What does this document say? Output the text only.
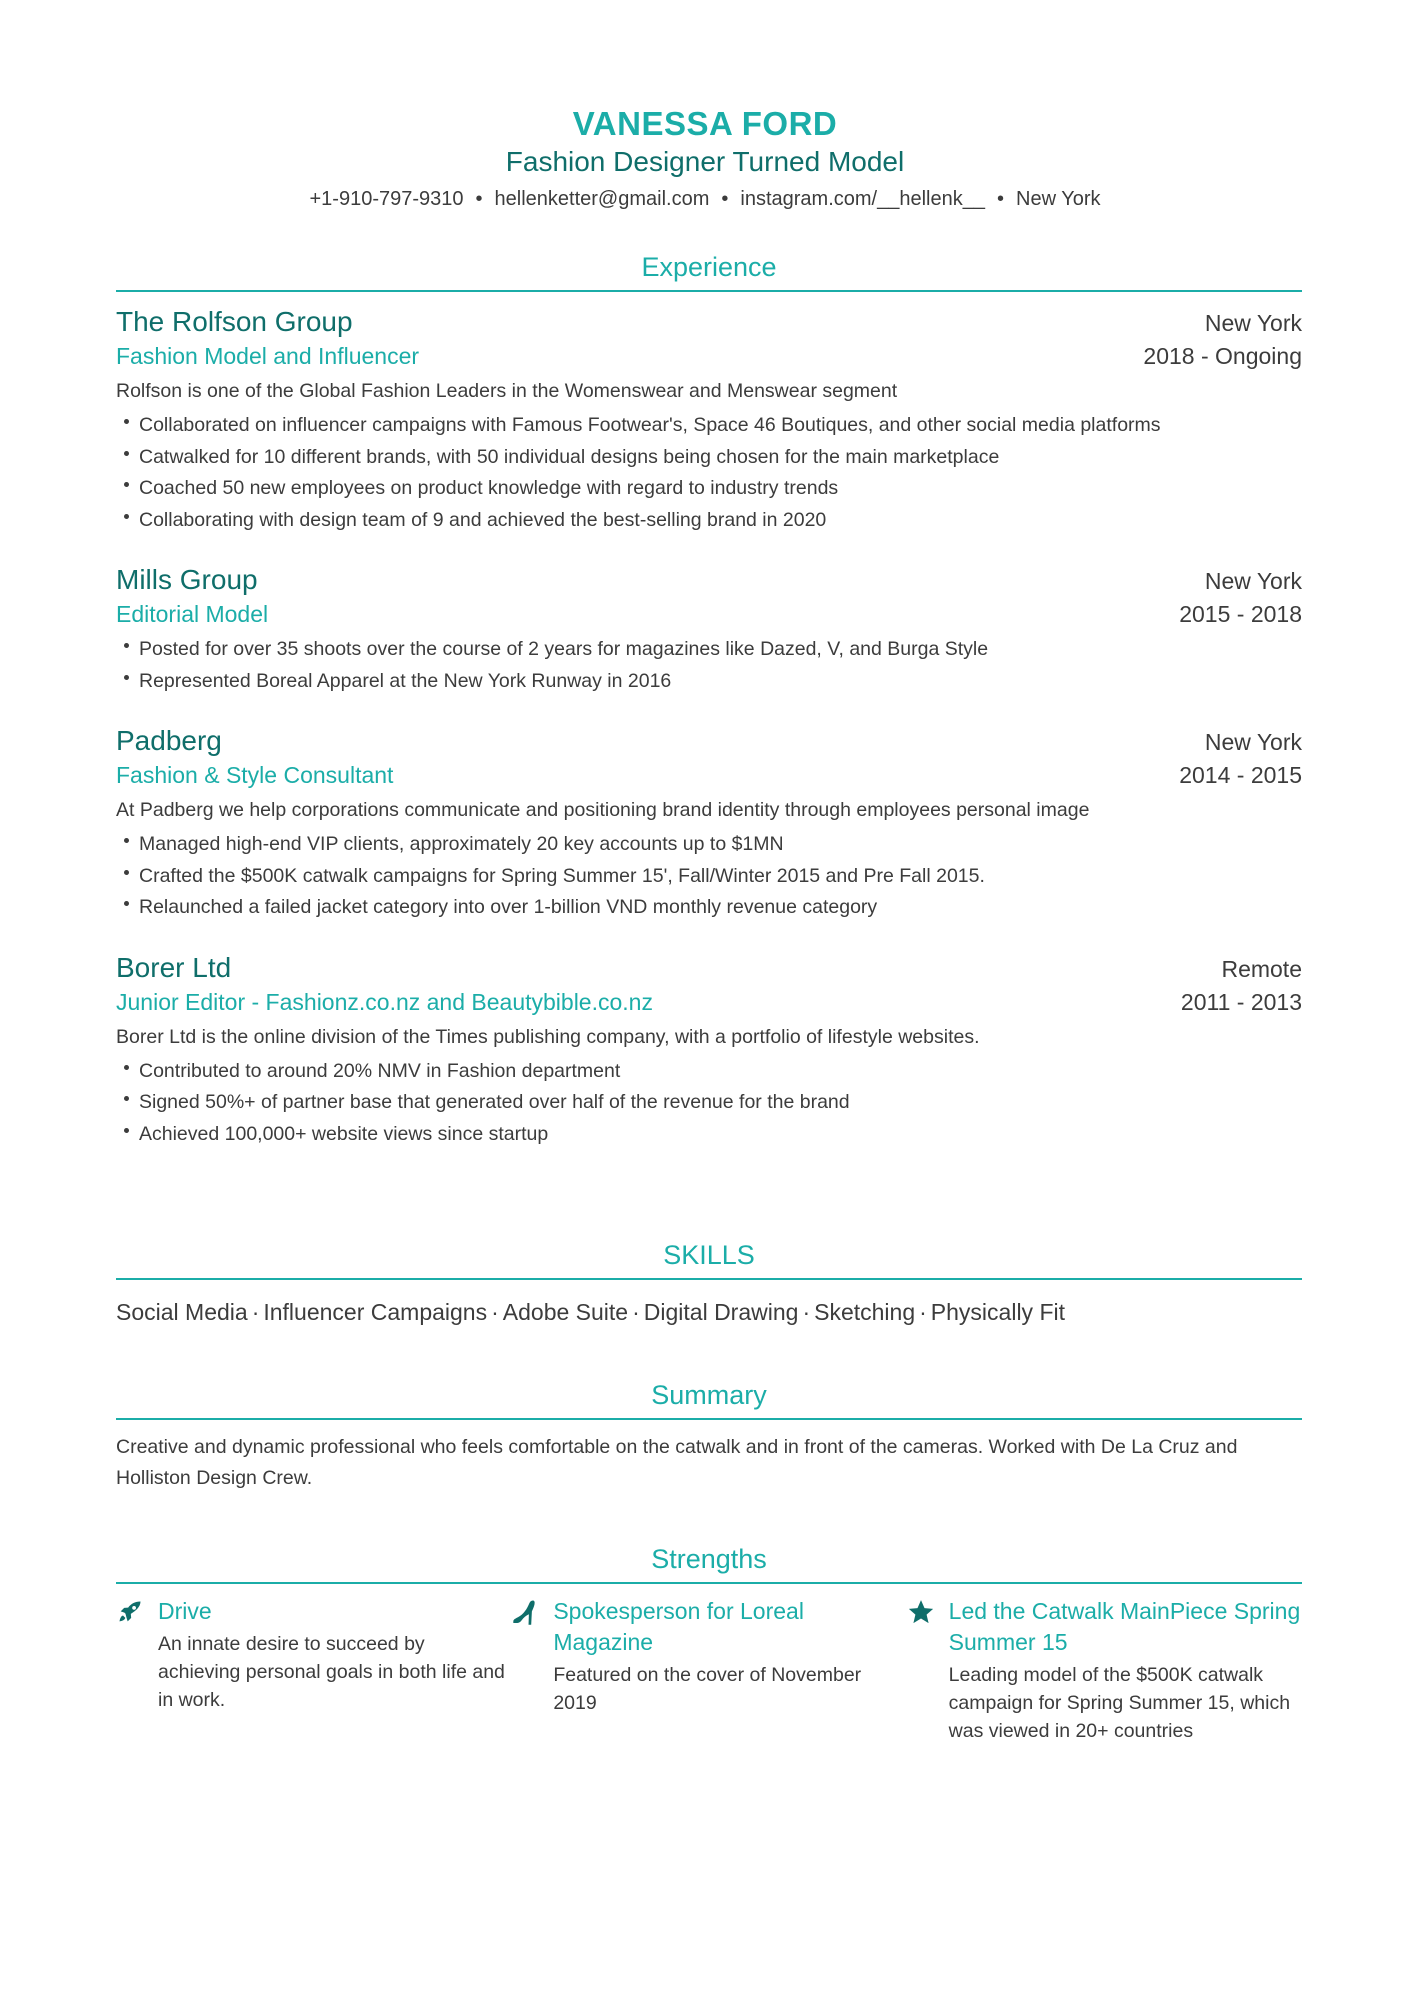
VANESSA FORD
Fashion Designer Turned Model
+1-910-797-9310 • hellenketter@gmail.com • instagram.com/__hellenk__ • New York
Experience
The Rolfson Group	New York
Fashion Model and Influencer	2018 - Ongoing
Rolfson is one of the Global Fashion Leaders in the Womenswear and Menswear segment
Collaborated on influencer campaigns with Famous Footwear's, Space 46 Boutiques, and other social media platforms
Catwalked for 10 different brands, with 50 individual designs being chosen for the main marketplace
Coached 50 new employees on product knowledge with regard to industry trends
Collaborating with design team of 9 and achieved the best-selling brand in 2020
Mills Group	New York
Editorial Model	2015 - 2018
Posted for over 35 shoots over the course of 2 years for magazines like Dazed, V, and Burga Style
Represented Boreal Apparel at the New York Runway in 2016
Padberg	New York
Fashion & Style Consultant	2014 - 2015
At Padberg we help corporations communicate and positioning brand identity through employees personal image
Managed high-end VIP clients, approximately 20 key accounts up to $1MN
Crafted the $500K catwalk campaigns for Spring Summer 15', Fall/Winter 2015 and Pre Fall 2015.
Relaunched a failed jacket category into over 1-billion VND monthly revenue category
Borer Ltd	Remote
Junior Editor - Fashionz.co.nz and Beautybible.co.nz	2011 - 2013
Borer Ltd is the online division of the Times publishing company, with a portfolio of lifestyle websites.
Contributed to around 20% NMV in Fashion department
Signed 50%+ of partner base that generated over half of the revenue for the brand
Achieved 100,000+ website views since startup
SKILLS
Social Media · Influencer Campaigns · Adobe Suite · Digital Drawing · Sketching · Physically Fit
Summary
Creative and dynamic professional who feels comfortable on the catwalk and in front of the cameras. Worked with De La Cruz and Holliston Design Crew.
Strengths
Drive
An innate desire to succeed by achieving personal goals in both life and in work.
Spokesperson for Loreal Magazine
Featured on the cover of November 2019
Led the Catwalk MainPiece Spring Summer 15
Leading model of the $500K catwalk campaign for Spring Summer 15, which was viewed in 20+ countries
